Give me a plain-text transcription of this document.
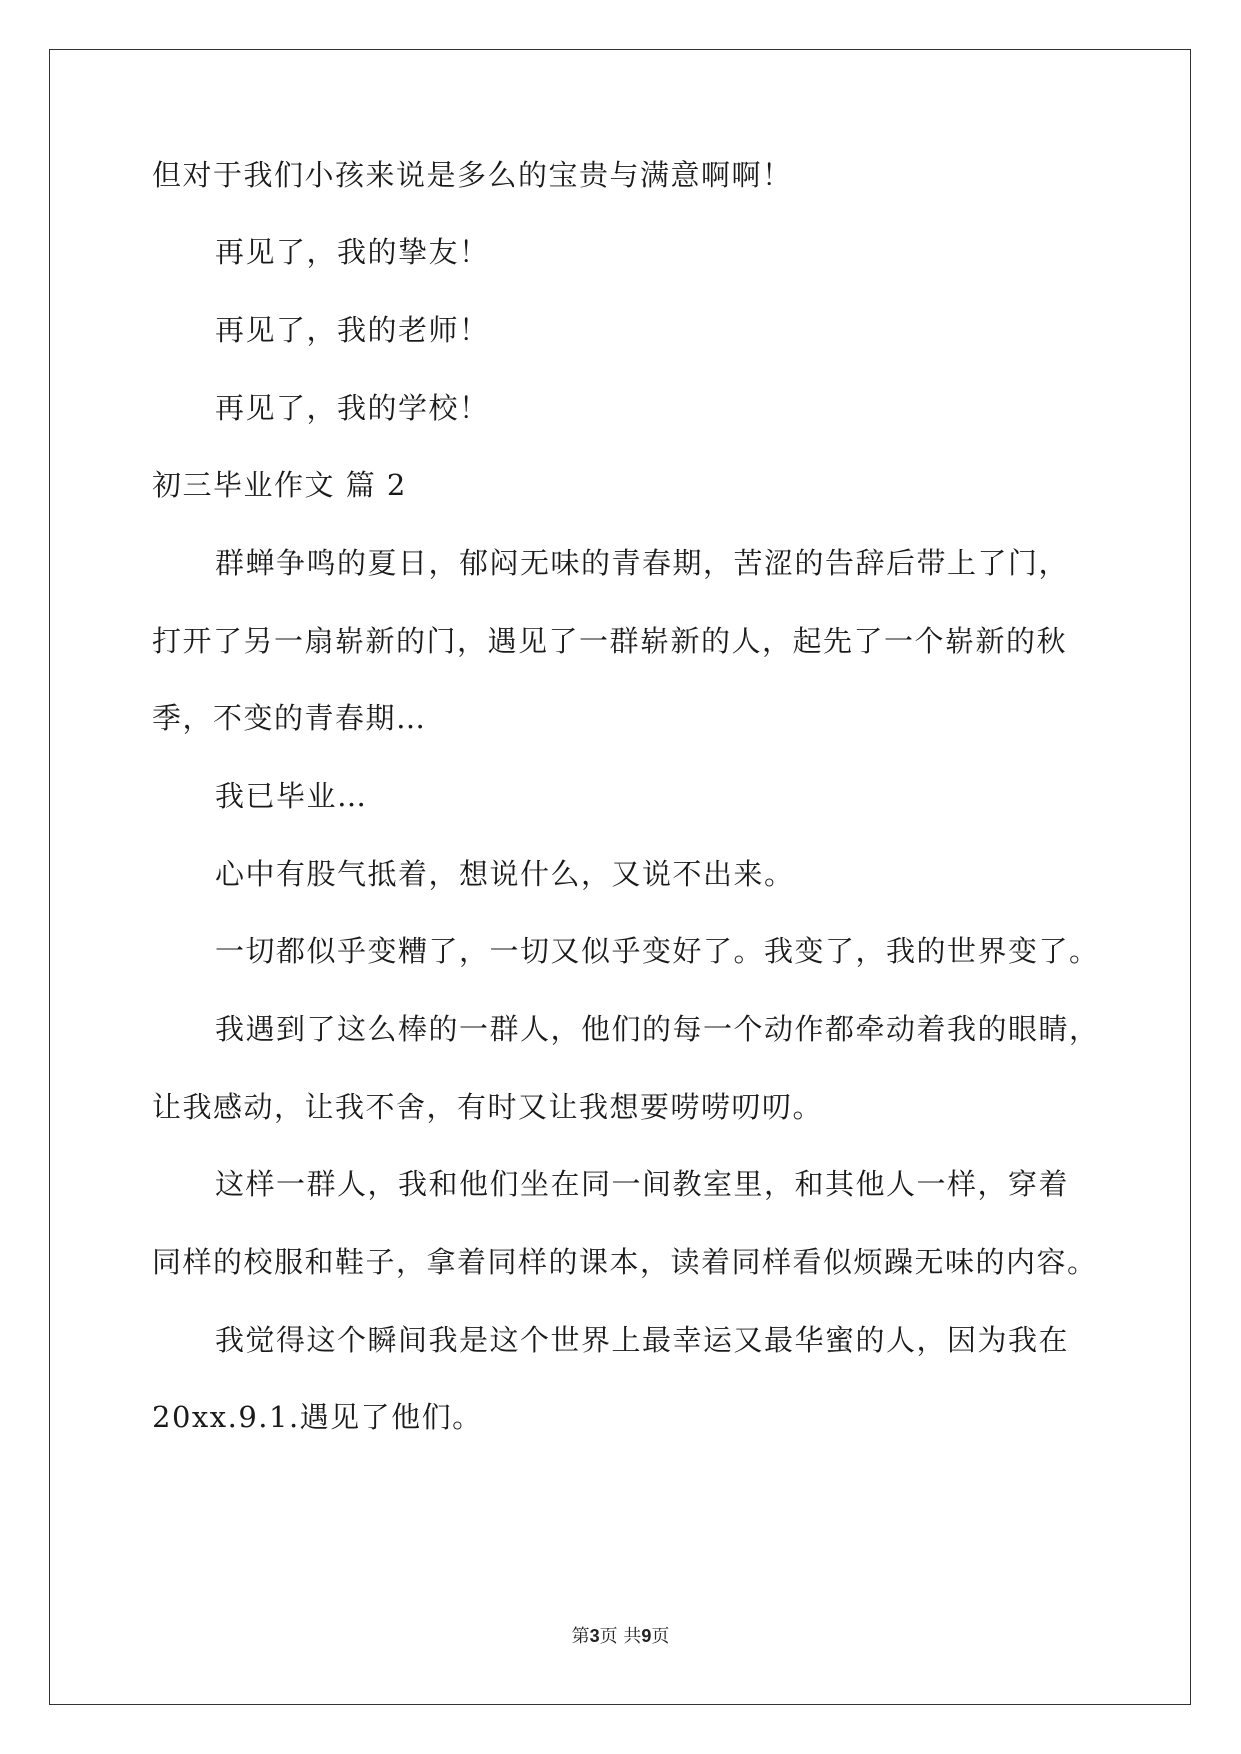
但对于我们小孩来说是多么的宝贵与满意啊啊！
再见了，我的挚友！
再见了，我的老师！
再见了，我的学校！
初三毕业作文 篇 2
群蝉争鸣的夏日，郁闷无味的青春期，苦涩的告辞后带上了门，
打开了另一扇崭新的门，遇见了一群崭新的人，起先了一个崭新的秋
季，不变的青春期…
我已毕业…
心中有股气抵着，想说什么，又说不出来。
一切都似乎变糟了，一切又似乎变好了。我变了，我的世界变了。
我遇到了这么棒的一群人，他们的每一个动作都牵动着我的眼睛，
让我感动，让我不舍，有时又让我想要唠唠叨叨。
这样一群人，我和他们坐在同一间教室里，和其他人一样，穿着
同样的校服和鞋子，拿着同样的课本，读着同样看似烦躁无味的内容。
我觉得这个瞬间我是这个世界上最幸运又最华蜜的人，因为我在
20xx.9.1.遇见了他们。
第3页 共9页
